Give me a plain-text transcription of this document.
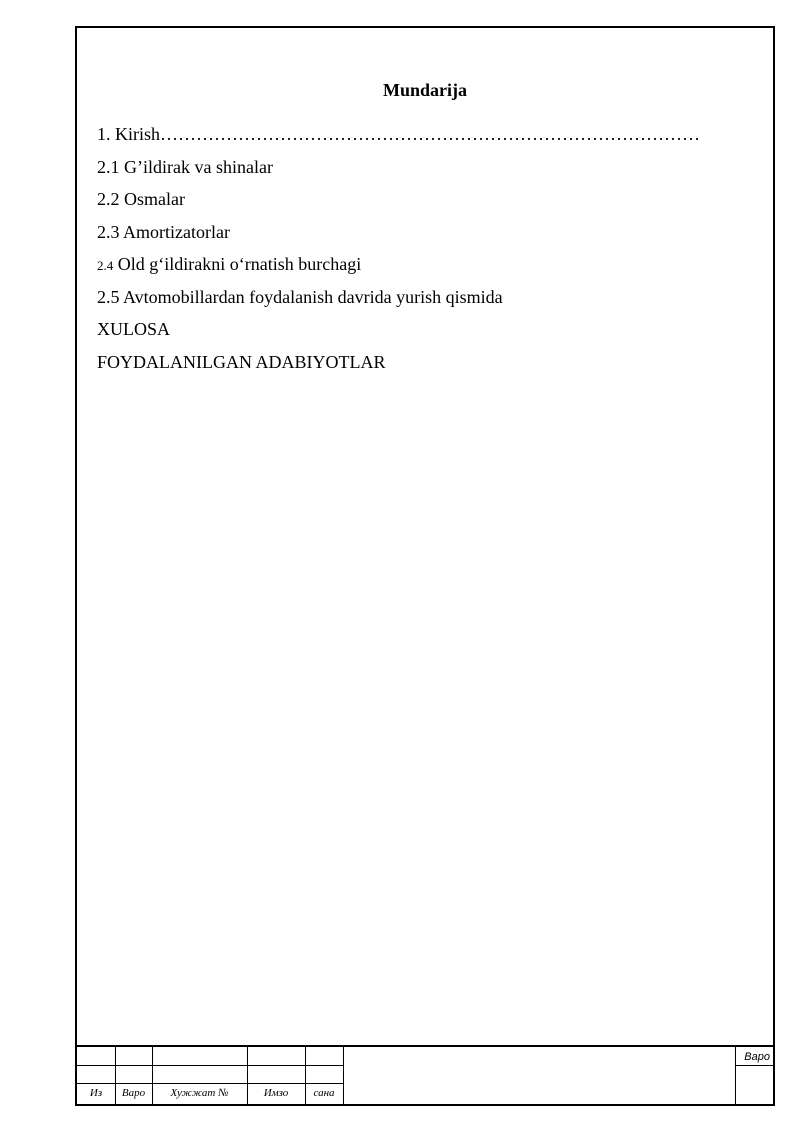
Mundarija
1. Kirish………………………………………………………………………………
2.1 G’ildirak va shinalar
2.2 Osmalar
2.3 Amortizatorlar
2.4 Old g‘ildirakni o‘rnatish burchagi
2.5 Avtomobillardan foydalanish davrida yurish qismida
XULOSA
FOYDALANILGAN ADABIYOTLAR
Из	Варо	Хужжат №	Имзо	сана
Варо
